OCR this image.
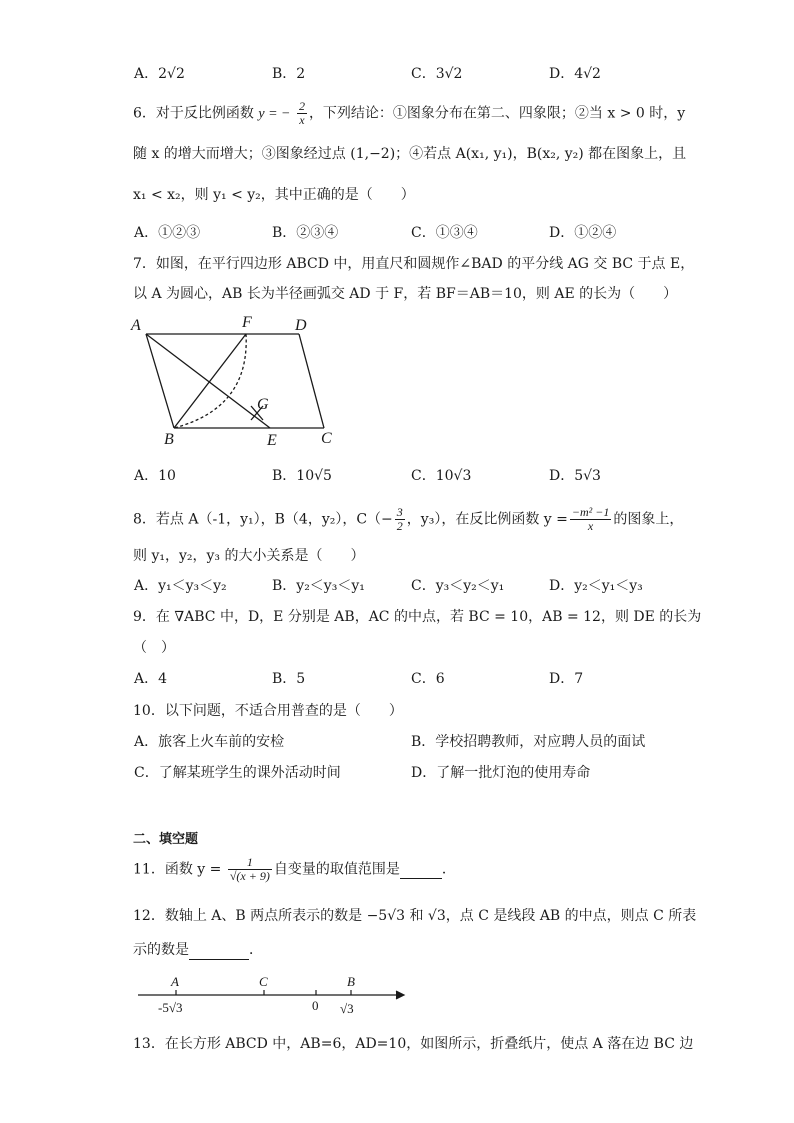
A．2√2	B．2	C．3√2	D．4√2
6．对于反比例函数 y = − $\frac{2}{x}$ ，下列结论：①图象分布在第二、四象限；②当 x > 0 时，y
随 x 的增大而增大；③图象经过点 (1,−2)；④若点 A(x₁, y₁)，B(x₂, y₂) 都在图象上，且
x₁ < x₂，则 y₁ < y₂，其中正确的是（　　）
A．①②③	B．②③④	C．①③④	D．①②④
7．如图，在平行四边形 ABCD 中，用直尺和圆规作∠BAD 的平分线 AG 交 BC 于点 E，
以 A 为圆心，AB 长为半径画弧交 AD 于 F，若 BF＝AB＝10，则 AE 的长为（　　）
A	F	D
G
B	E	C
A．10	B．10√5	C．10√3	D．5√3
8．若点 A（-1，y₁），B（4，y₂），$C(- \frac{3}{2}$ ，y₃），在反比例函数 $y = \frac{\text{−m² −1}}{x}$ 的图象上，
则 y₁，y₂，y₃ 的大小关系是（　　）
A．y₁＜y₃＜y₂	B．y₂＜y₃＜y₁	C．y₃＜y₂＜y₁	D．y₂＜y₁＜y₃
9．在 ∇ABC 中，D，E 分别是 AB，AC 的中点，若 BC = 10，AB = 12，则 DE 的长为
（　）
A．4	B．5	C．6	D．7
10．以下问题，不适合用普查的是（　　）
A．旅客上火车前的安检	B．学校招聘教师，对应聘人员的面试
C．了解某班学生的课外活动时间	D．了解一批灯泡的使用寿命
二、填空题
11．函数 $y = \frac{1}{√(x + 9)}$ 自变量的取值范围是	．
12．数轴上 A、B 两点所表示的数是 −5√3 和 √3，点 C 是线段 AB 的中点，则点 C 所表
示的数是	．
A	C	B
-5√3	0 √3
13．在长方形 ABCD 中，AB=6，AD=10，如图所示，折叠纸片，使点 A 落在边 BC 边
